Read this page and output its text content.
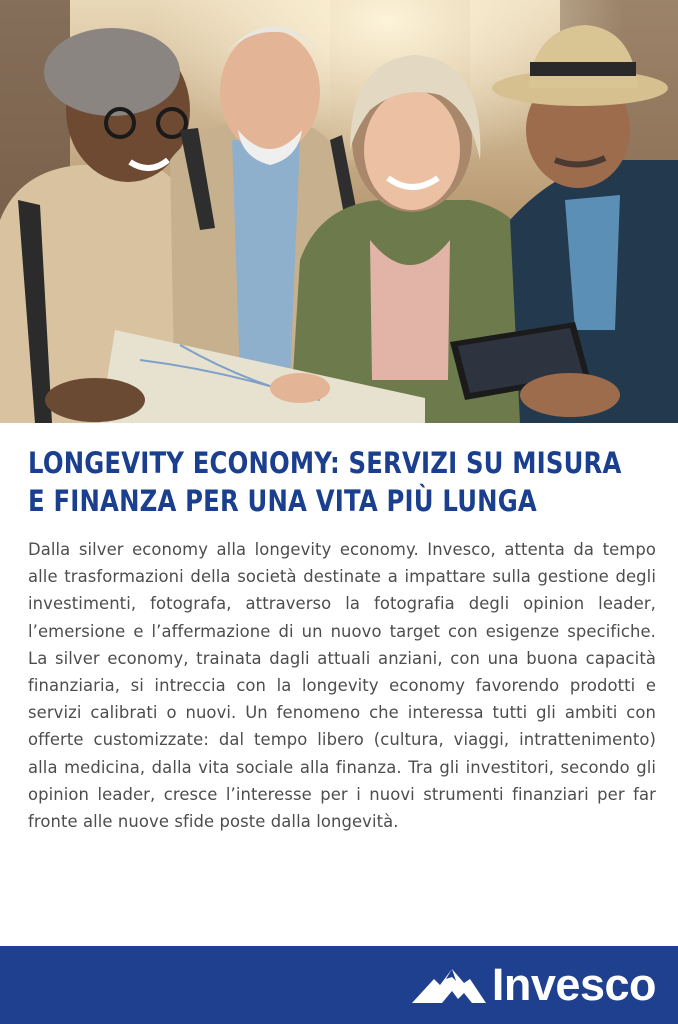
LONGEVITY ECONOMY: SERVIZI SU MISURA
E FINANZA PER UNA VITA PIÙ LUNGA

Dalla silver economy alla longevity economy. Invesco, attenta da tempo alle trasformazioni della società destinate a impattare sulla gestione degli investimenti, fotografa, attraverso la fotografia degli opinion leader, l’emersione e l’affermazione di un nuovo target con esigenze specifiche. La silver economy, trainata dagli attuali anziani, con una buona capacità finanziaria, si intreccia con la longevity economy favorendo prodotti e servizi calibrati o nuovi. Un fenomeno che interessa tutti gli ambiti con offerte customizzate: dal tempo libero (cultura, viaggi, intrattenimento) alla medicina, dalla vita sociale alla finanza. Tra gli investitori, secondo gli opinion leader, cresce l’interesse per i nuovi strumenti finanziari per far fronte alle nuove sfide poste dalla longevità.

Invesco
